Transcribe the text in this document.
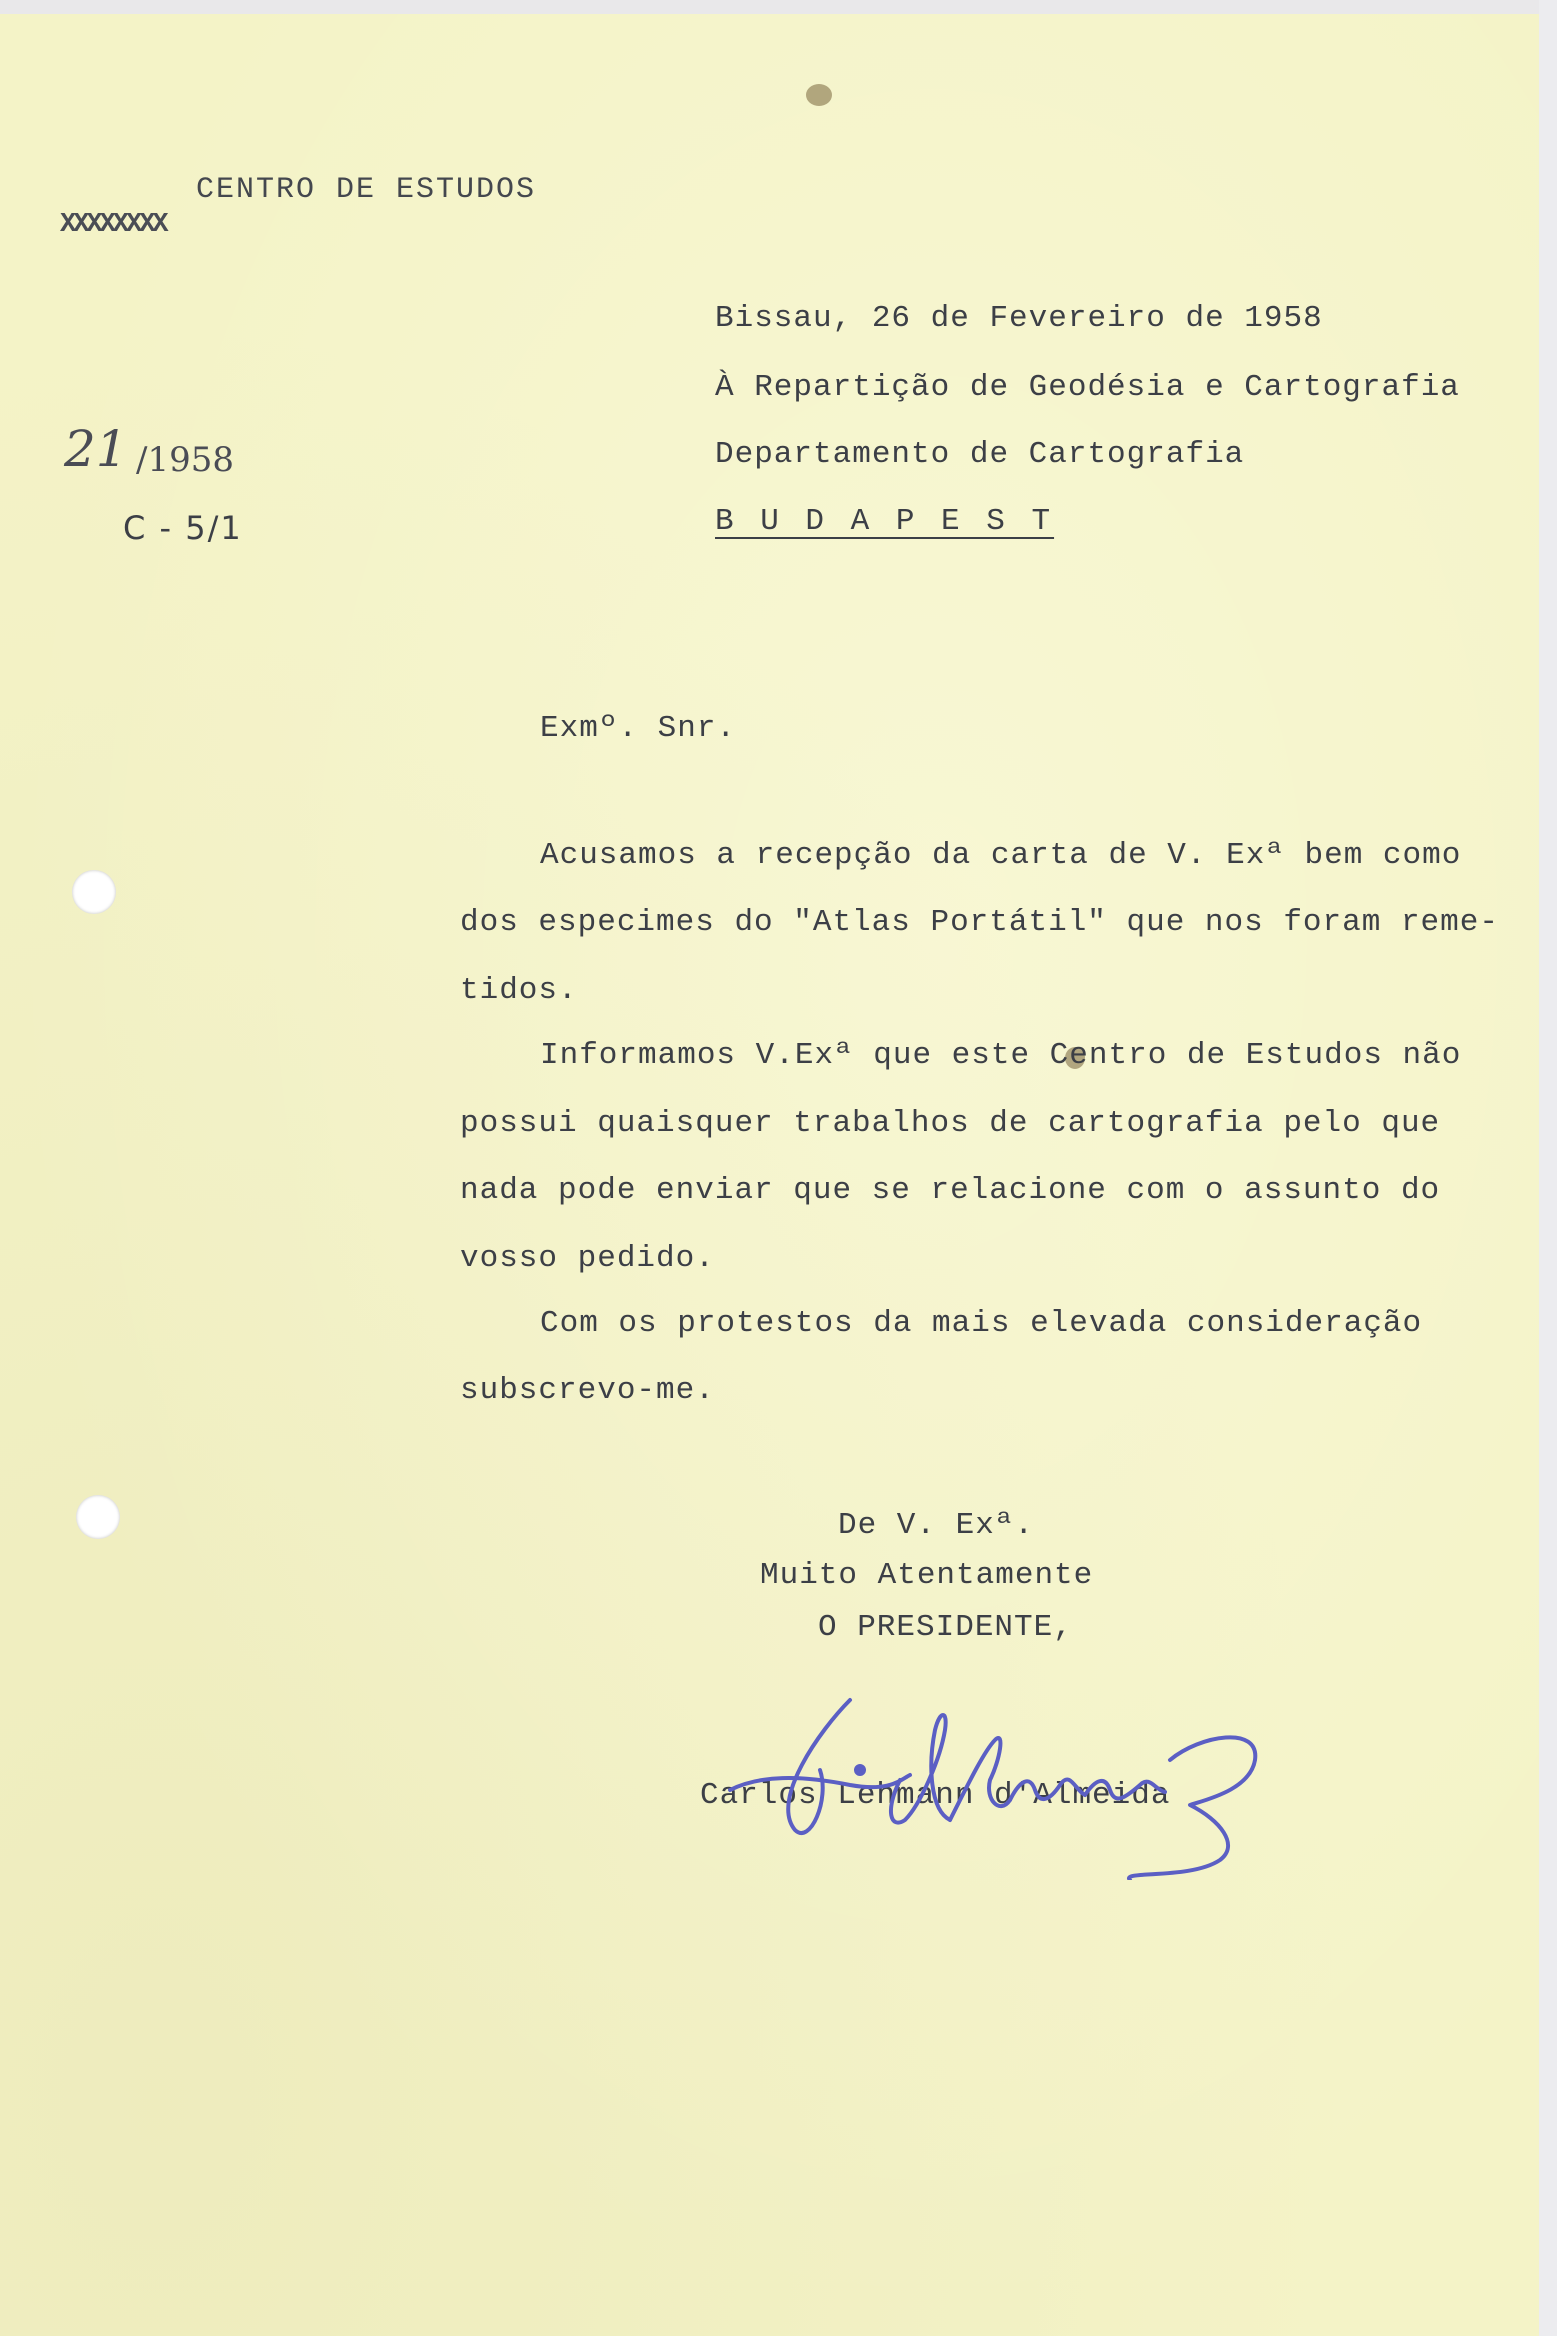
CENTRO DE ESTUDOS
XXXXXXXX
21 /1958
C - 5/1
Bissau, 26 de Fevereiro de 1958
À Repartição de Geodésia e Cartografia
Departamento de Cartografia
B U D A P E S T
Exmº. Snr.
Acusamos a recepção da carta de V. Exª bem como
dos especimes do "Atlas Portátil" que nos foram reme-
tidos.
Informamos V.Exª que este Centro de Estudos não
possui quaisquer trabalhos de cartografia pelo que
nada pode enviar que se relacione com o assunto do
vosso pedido.
Com os protestos da mais elevada consideração
subscrevo-me.
De V. Exª.
Muito Atentamente
O PRESIDENTE,
Carlos Lehmann d'Almeida
